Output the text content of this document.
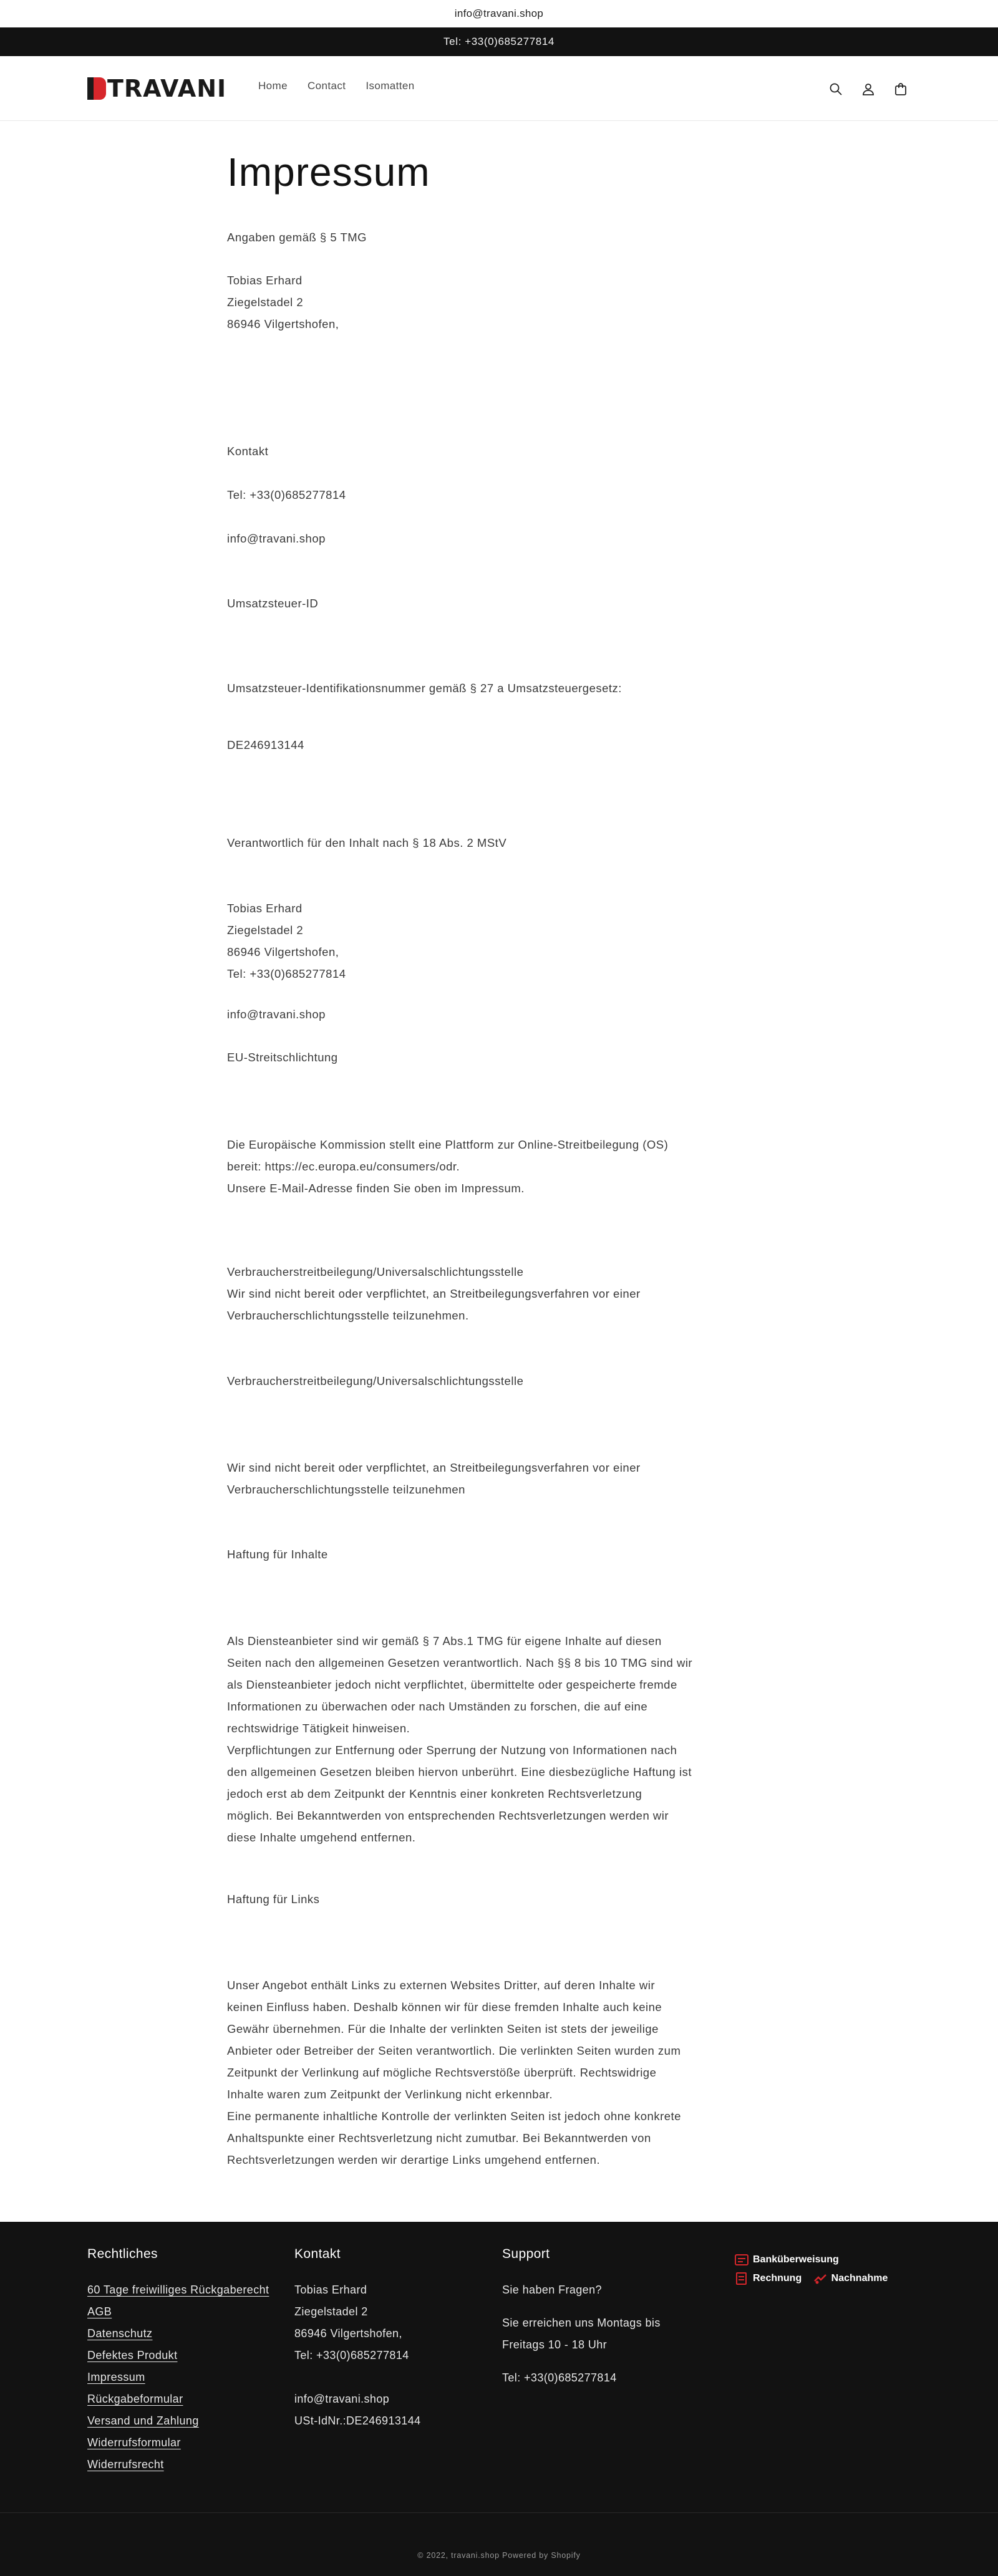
info@travani.shop
Tel: +33(0)685277814
TRAVANI	Home Contact Isomatten
Impressum
Angaben gemäß § 5 TMG
Tobias Erhard
Ziegelstadel 2
86946 Vilgertshofen,
Kontakt
Tel: +33(0)685277814
info@travani.shop
Umsatzsteuer-ID
Umsatzsteuer-Identifikationsnummer gemäß § 27 a Umsatzsteuergesetz:
DE246913144
Verantwortlich für den Inhalt nach § 18 Abs. 2 MStV
Tobias Erhard
Ziegelstadel 2
86946 Vilgertshofen,
Tel: +33(0)685277814
info@travani.shop
EU-Streitschlichtung
Die Europäische Kommission stellt eine Plattform zur Online-Streitbeilegung (OS)
bereit: https://ec.europa.eu/consumers/odr.
Unsere E-Mail-Adresse finden Sie oben im Impressum.
Verbraucherstreitbeilegung/Universalschlichtungsstelle
Wir sind nicht bereit oder verpflichtet, an Streitbeilegungsverfahren vor einer
Verbraucherschlichtungsstelle teilzunehmen.
Verbraucherstreitbeilegung/Universalschlichtungsstelle
Wir sind nicht bereit oder verpflichtet, an Streitbeilegungsverfahren vor einer
Verbraucherschlichtungsstelle teilzunehmen
Haftung für Inhalte
Als Diensteanbieter sind wir gemäß § 7 Abs.1 TMG für eigene Inhalte auf diesen
Seiten nach den allgemeinen Gesetzen verantwortlich. Nach §§ 8 bis 10 TMG sind wir
als Diensteanbieter jedoch nicht verpflichtet, übermittelte oder gespeicherte fremde
Informationen zu überwachen oder nach Umständen zu forschen, die auf eine
rechtswidrige Tätigkeit hinweisen.
Verpflichtungen zur Entfernung oder Sperrung der Nutzung von Informationen nach
den allgemeinen Gesetzen bleiben hiervon unberührt. Eine diesbezügliche Haftung ist
jedoch erst ab dem Zeitpunkt der Kenntnis einer konkreten Rechtsverletzung
möglich. Bei Bekanntwerden von entsprechenden Rechtsverletzungen werden wir
diese Inhalte umgehend entfernen.
Haftung für Links
Unser Angebot enthält Links zu externen Websites Dritter, auf deren Inhalte wir
keinen Einfluss haben. Deshalb können wir für diese fremden Inhalte auch keine
Gewähr übernehmen. Für die Inhalte der verlinkten Seiten ist stets der jeweilige
Anbieter oder Betreiber der Seiten verantwortlich. Die verlinkten Seiten wurden zum
Zeitpunkt der Verlinkung auf mögliche Rechtsverstöße überprüft. Rechtswidrige
Inhalte waren zum Zeitpunkt der Verlinkung nicht erkennbar.
Eine permanente inhaltliche Kontrolle der verlinkten Seiten ist jedoch ohne konkrete
Anhaltspunkte einer Rechtsverletzung nicht zumutbar. Bei Bekanntwerden von
Rechtsverletzungen werden wir derartige Links umgehend entfernen.
Rechtliches
60 Tage freiwilliges Rückgaberecht
AGB
Datenschutz
Defektes Produkt
Impressum
Rückgabeformular
Versand und Zahlung
Widerrufsformular
Widerrufsrecht
Kontakt
Tobias Erhard
Ziegelstadel 2
86946 Vilgertshofen,
Tel: +33(0)685277814
info@travani.shop
USt-IdNr.:DE246913144
Support
Sie haben Fragen?
Sie erreichen uns Montags bis
Freitags 10 - 18 Uhr
Tel: +33(0)685277814
Banküberweisung

Rechnung
	Nachnahme
© 2022, travani.shop Powered by Shopify
